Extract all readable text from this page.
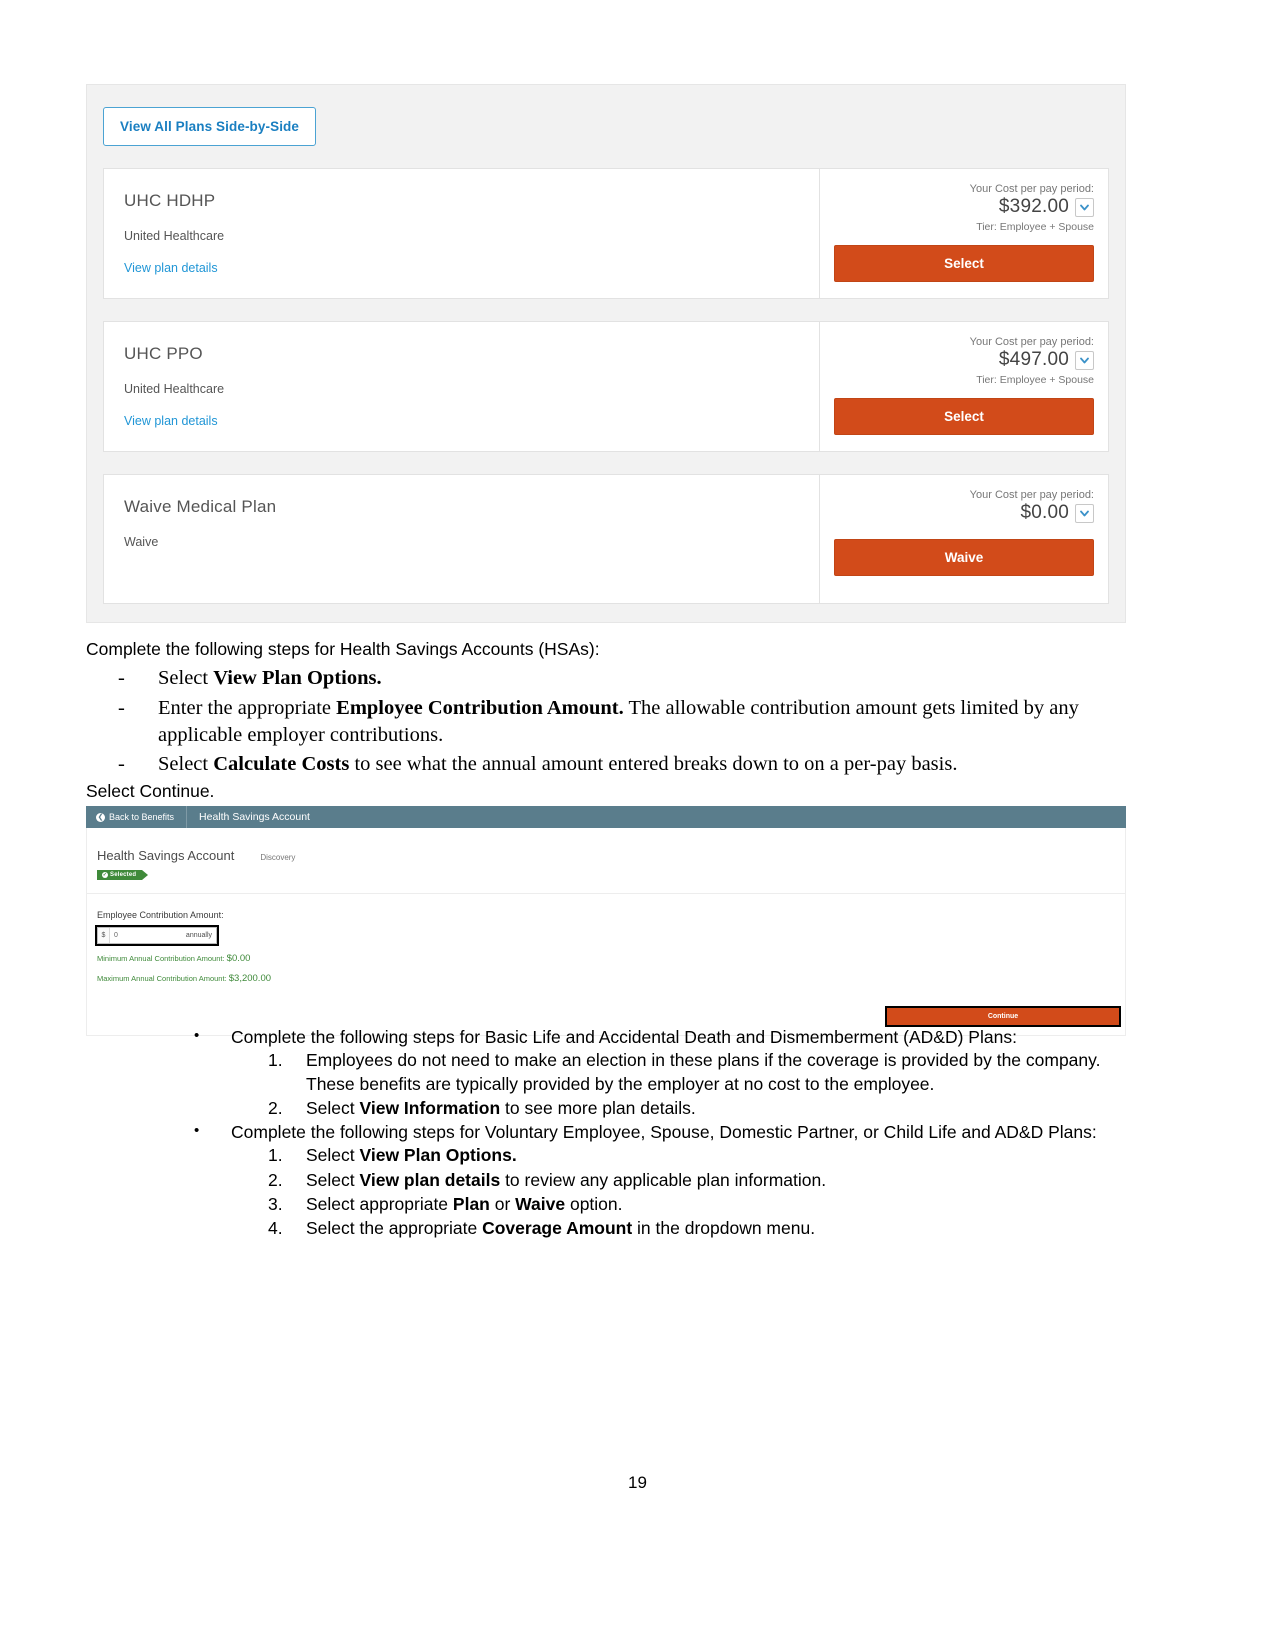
View All Plans Side-by-Side
UHC HDHP
United Healthcare
View plan details
Your Cost per pay period:
$392.00
Tier: Employee + Spouse
Select
UHC PPO
United Healthcare
View plan details
Your Cost per pay period:
$497.00
Tier: Employee + Spouse
Select
Waive Medical Plan
Waive
Your Cost per pay period:
$0.00
Waive
Complete the following steps for Health Savings Accounts (HSAs):
- Select View Plan Options.
- Enter the appropriate Employee Contribution Amount. The allowable contribution amount gets limited by any applicable employer contributions.
- Select Calculate Costs to see what the annual amount entered breaks down to on a per-pay basis.
Select Continue.
❮ Back to Benefits	Health Savings Account
Health Savings Account	Discovery
✓ Selected
Employee Contribution Amount:
$	0	annually
Minimum Annual Contribution Amount: $0.00
Maximum Annual Contribution Amount: $3,200.00
Continue
• Complete the following steps for Basic Life and Accidental Death and Dismemberment (AD&D) Plans:
1. Employees do not need to make an election in these plans if the coverage is provided by the company. These benefits are typically provided by the employer at no cost to the employee.
2. Select View Information to see more plan details.
• Complete the following steps for Voluntary Employee, Spouse, Domestic Partner, or Child Life and AD&D Plans:
1. Select View Plan Options.
2. Select View plan details to review any applicable plan information.
3. Select appropriate Plan or Waive option.
4. Select the appropriate Coverage Amount in the dropdown menu.
19
